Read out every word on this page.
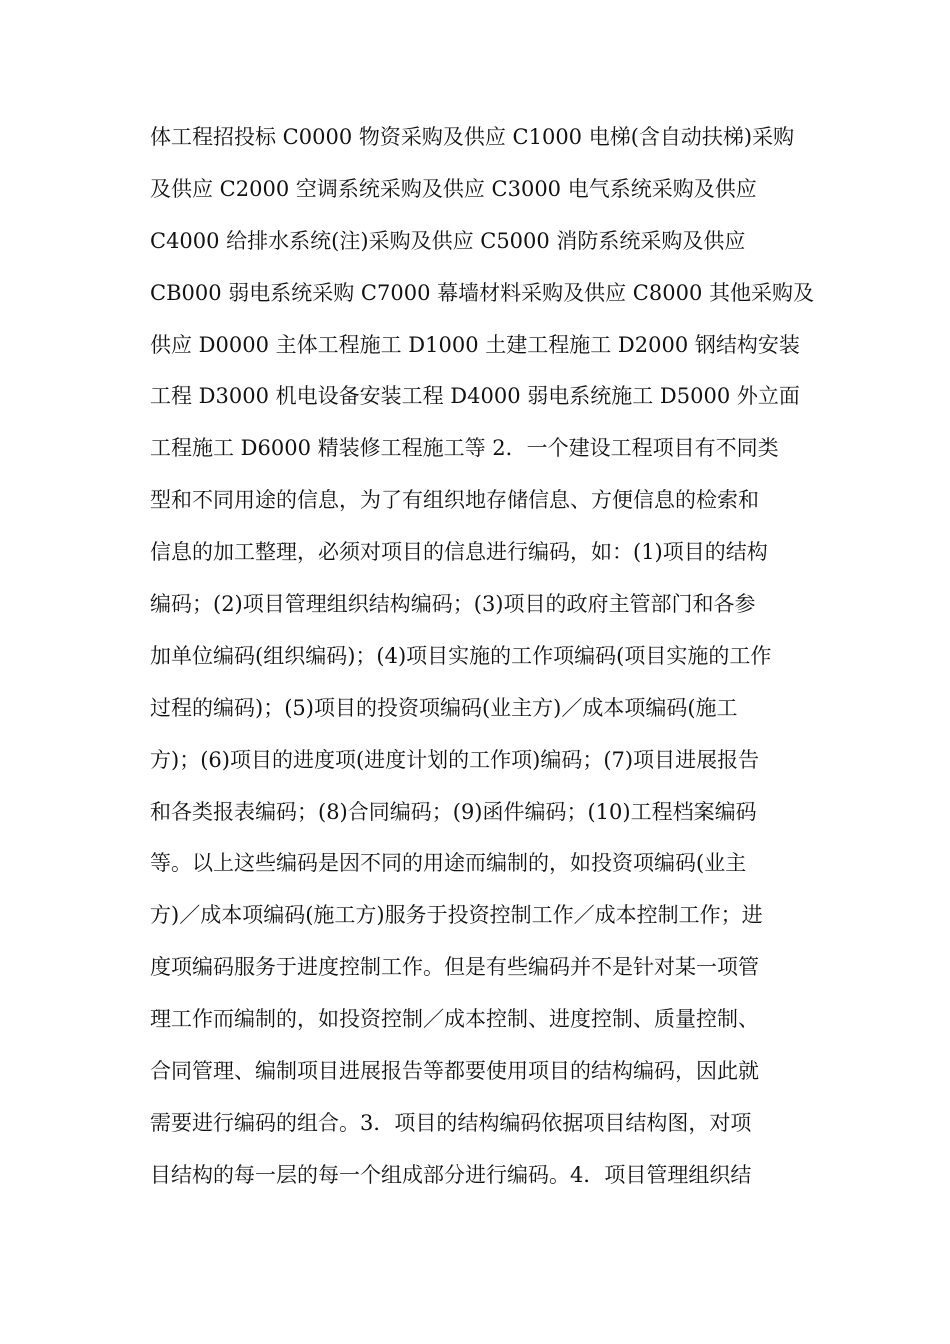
体工程招投标 C0000 物资采购及供应 C1000 电梯(含自动扶梯)采购
及供应 C2000 空调系统采购及供应 C3000 电气系统采购及供应
C4000 给排水系统(注)采购及供应 C5000 消防系统采购及供应
CB000 弱电系统采购 C7000 幕墙材料采购及供应 C8000 其他采购及
供应 D0000 主体工程施工 D1000 土建工程施工 D2000 钢结构安装
工程 D3000 机电设备安装工程 D4000 弱电系统施工 D5000 外立面
工程施工 D6000 精装修工程施工等 2．一个建设工程项目有不同类
型和不同用途的信息，为了有组织地存储信息、方便信息的检索和
信息的加工整理，必须对项目的信息进行编码，如：(1)项目的结构
编码；(2)项目管理组织结构编码；(3)项目的政府主管部门和各参
加单位编码(组织编码)；(4)项目实施的工作项编码(项目实施的工作
过程的编码)；(5)项目的投资项编码(业主方)／成本项编码(施工
方)；(6)项目的进度项(进度计划的工作项)编码；(7)项目进展报告
和各类报表编码；(8)合同编码；(9)函件编码；(10)工程档案编码
等。以上这些编码是因不同的用途而编制的，如投资项编码(业主
方)／成本项编码(施工方)服务于投资控制工作／成本控制工作；进
度项编码服务于进度控制工作。但是有些编码并不是针对某一项管
理工作而编制的，如投资控制／成本控制、进度控制、质量控制、
合同管理、编制项目进展报告等都要使用项目的结构编码，因此就
需要进行编码的组合。3．项目的结构编码依据项目结构图，对项
目结构的每一层的每一个组成部分进行编码。4．项目管理组织结
